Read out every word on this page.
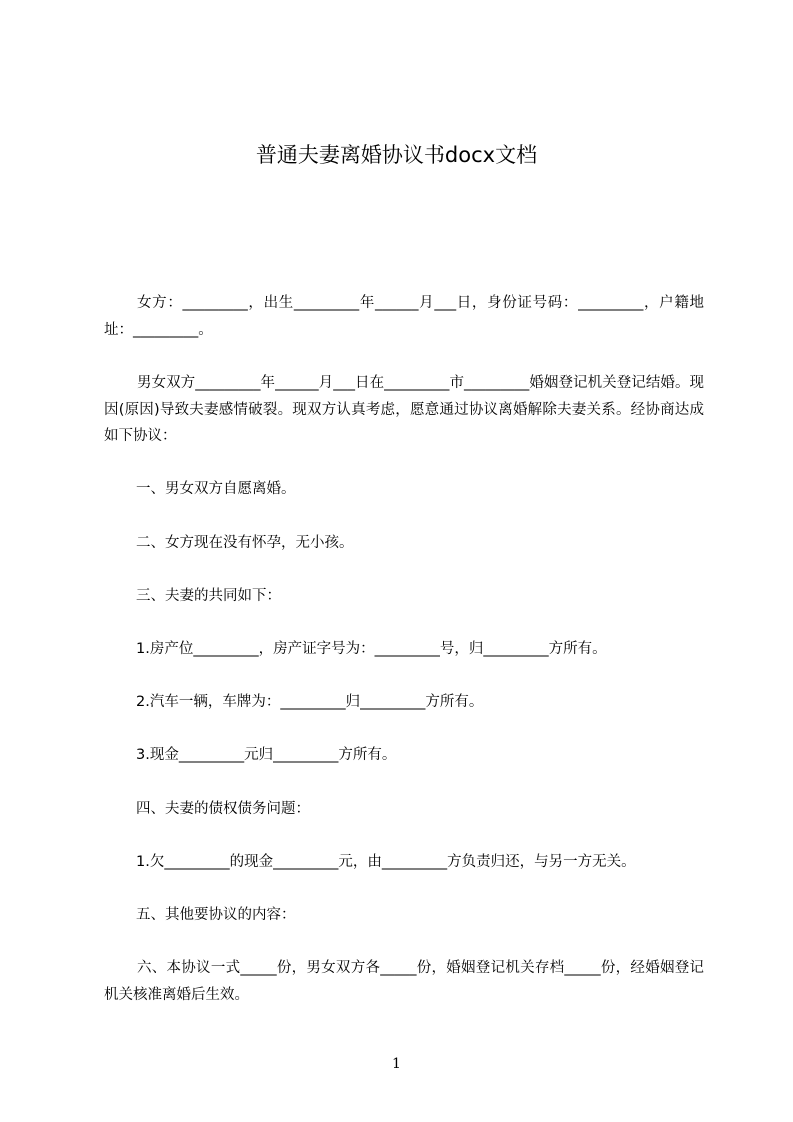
普通夫妻离婚协议书docx文档
女方：_________，出生_________年______月___日，身份证号码：_________，户籍地址：_________。
男女双方_________年______月___日在_________市_________婚姻登记机关登记结婚。现因(原因)导致夫妻感情破裂。现双方认真考虑，愿意通过协议离婚解除夫妻关系。经协商达成如下协议：
一、男女双方自愿离婚。
二、女方现在没有怀孕，无小孩。
三、夫妻的共同如下：
1.房产位_________，房产证字号为：_________号，归_________方所有。
2.汽车一辆，车牌为：_________归_________方所有。
3.现金_________元归_________方所有。
四、夫妻的债权债务问题：
1.欠_________的现金_________元，由_________方负责归还，与另一方无关。
五、其他要协议的内容：
六、本协议一式_____份，男女双方各_____份，婚姻登记机关存档_____份，经婚姻登记机关核准离婚后生效。
1
